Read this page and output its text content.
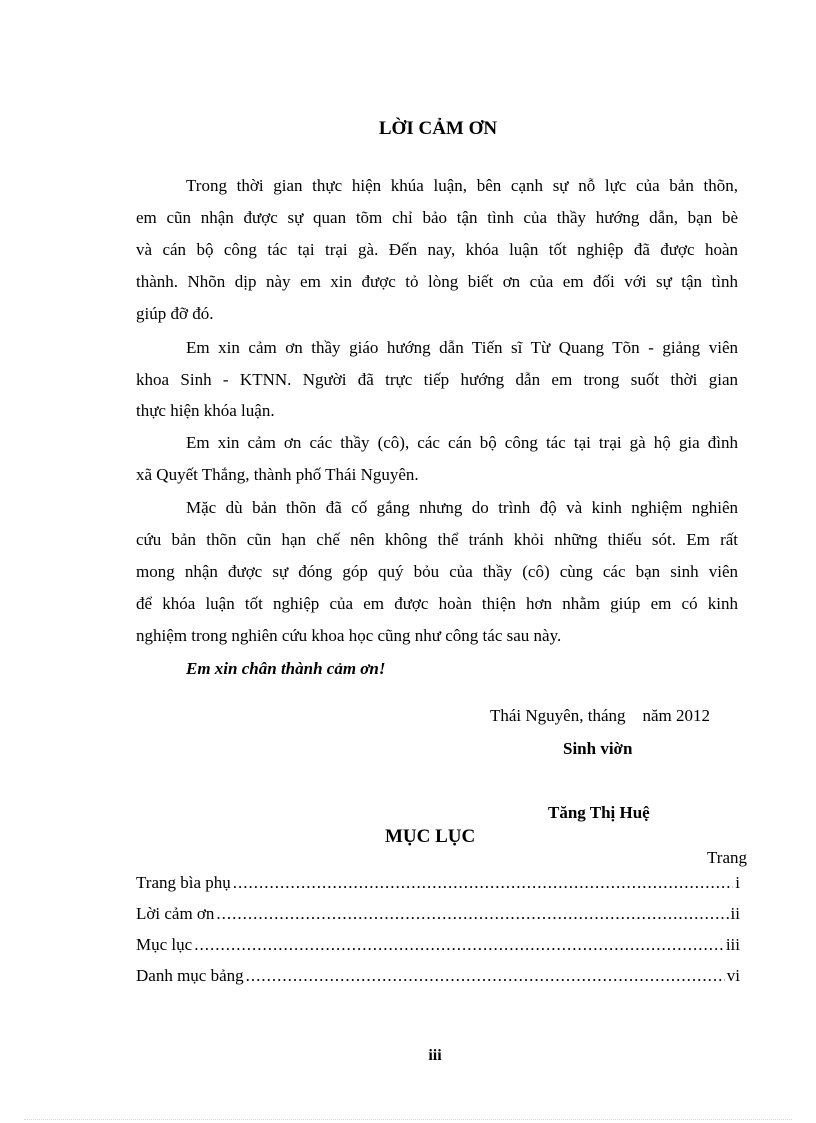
LỜI CẢM ƠN
Trong thời gian thực hiện khúa luận, bên cạnh sự nỗ lực của bản thõn,
em cũn nhận được sự quan tõm chỉ bảo tận tình của thầy hướng dẫn, bạn bè
và cán bộ công tác tại trại gà. Đến nay, khóa luận tốt nghiệp đã được hoàn
thành. Nhõn dịp này em xin được tỏ lòng biết ơn của em đối với sự tận tình
giúp đỡ đó.
Em xin cảm ơn thầy giáo hướng dẫn Tiến sĩ Từ Quang Tõn - giảng viên
khoa Sinh - KTNN. Người đã trực tiếp hướng dẫn em trong suốt thời gian
thực hiện khóa luận.
Em xin cảm ơn các thầy (cô), các cán bộ công tác tại trại gà hộ gia đình
xã Quyết Thắng, thành phố Thái Nguyên.
Mặc dù bản thõn đã cố gắng nhưng do trình độ và kinh nghiệm nghiên
cứu bản thõn cũn hạn chế nên không thể tránh khỏi những thiếu sót. Em rất
mong nhận được sự đóng góp quý bỏu của thầy (cô) cùng các bạn sinh viên
để khóa luận tốt nghiệp của em được hoàn thiện hơn nhằm giúp em có kinh
nghiệm trong nghiên cứu khoa học cũng như công tác sau này.
Em xin chân thành cảm ơn!
Thái Nguyên, tháng    năm 2012
Sinh viờn
Tăng Thị Huệ
MỤC LỤC
Trang
Trang bìa phụ .....	i
Lời cảm ơn .....	ii
Mục lục .....	iii
Danh mục bảng .....	vi
iii
